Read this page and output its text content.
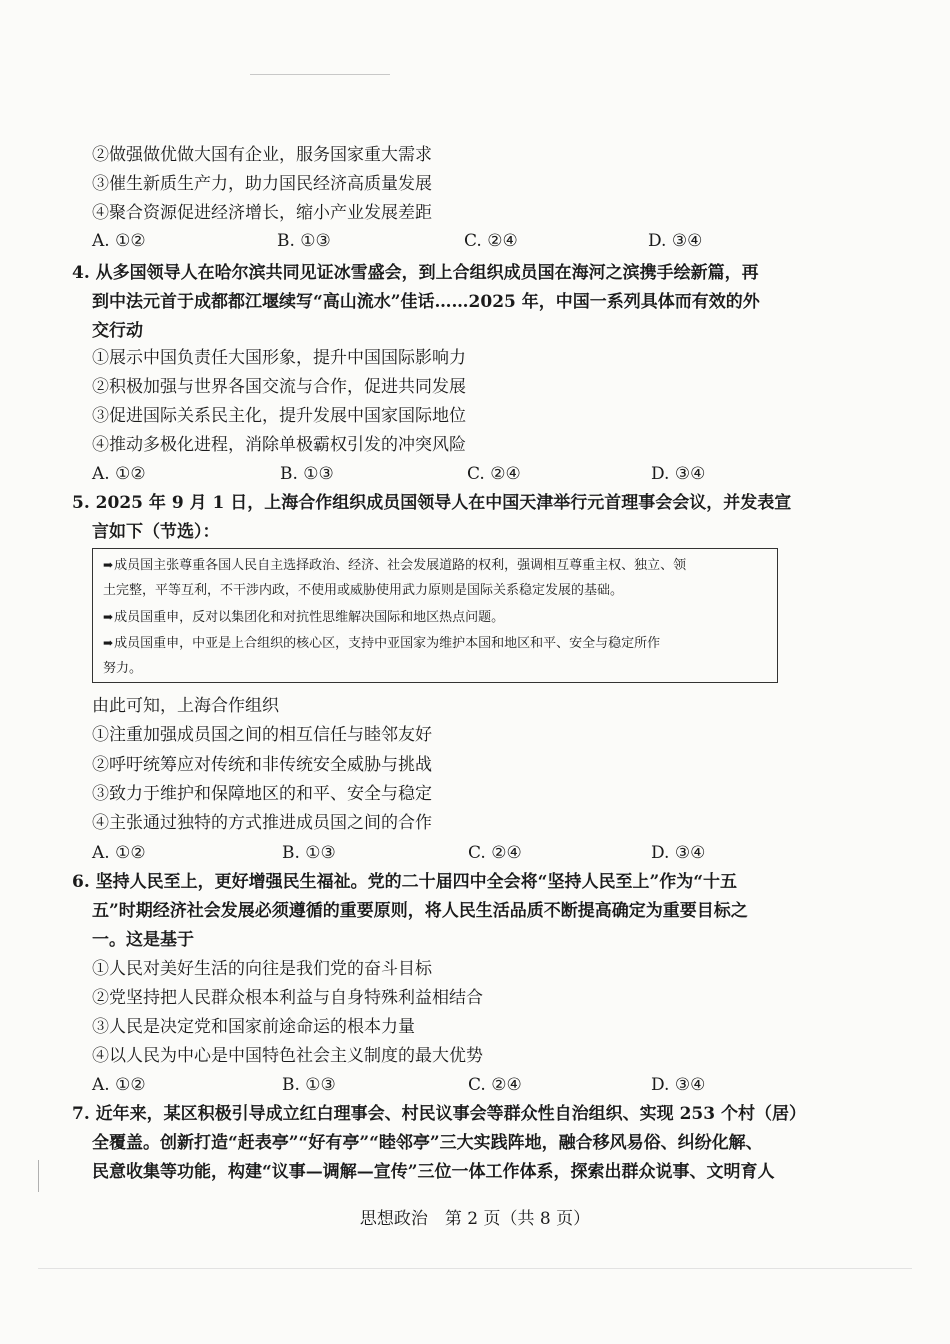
②做强做优做大国有企业，服务国家重大需求
③催生新质生产力，助力国民经济高质量发展
④聚合资源促进经济增长，缩小产业发展差距
A. ①②	B. ①③	C. ②④	D. ③④
4. 从多国领导人在哈尔滨共同见证冰雪盛会，到上合组织成员国在海河之滨携手绘新篇，再
到中法元首于成都都江堰续写“高山流水”佳话……2025 年，中国一系列具体而有效的外
交行动
①展示中国负责任大国形象，提升中国国际影响力
②积极加强与世界各国交流与合作，促进共同发展
③促进国际关系民主化，提升发展中国家国际地位
④推动多极化进程，消除单极霸权引发的冲突风险
A. ①②	B. ①③	C. ②④	D. ③④
5. 2025 年 9 月 1 日，上海合作组织成员国领导人在中国天津举行元首理事会会议，并发表宣
言如下（节选）：
➡成员国主张尊重各国人民自主选择政治、经济、社会发展道路的权利，强调相互尊重主权、独立、领
土完整，平等互利，不干涉内政，不使用或威胁使用武力原则是国际关系稳定发展的基础。
➡成员国重申，反对以集团化和对抗性思维解决国际和地区热点问题。
➡成员国重申，中亚是上合组织的核心区，支持中亚国家为维护本国和地区和平、安全与稳定所作
努力。
由此可知，上海合作组织
①注重加强成员国之间的相互信任与睦邻友好
②呼吁统筹应对传统和非传统安全威胁与挑战
③致力于维护和保障地区的和平、安全与稳定
④主张通过独特的方式推进成员国之间的合作
A. ①②	B. ①③	C. ②④	D. ③④
6. 坚持人民至上，更好增强民生福祉。党的二十届四中全会将“坚持人民至上”作为“十五
五”时期经济社会发展必须遵循的重要原则，将人民生活品质不断提高确定为重要目标之
一。这是基于
①人民对美好生活的向往是我们党的奋斗目标
②党坚持把人民群众根本利益与自身特殊利益相结合
③人民是决定党和国家前途命运的根本力量
④以人民为中心是中国特色社会主义制度的最大优势
A. ①②	B. ①③	C. ②④	D. ③④
7. 近年来，某区积极引导成立红白理事会、村民议事会等群众性自治组织、实现 253 个村（居）
全覆盖。创新打造“赶表亭”“好有亭”“睦邻亭”三大实践阵地，融合移风易俗、纠纷化解、
民意收集等功能，构建“议事—调解—宣传”三位一体工作体系，探索出群众说事、文明育人
思想政治　第 2 页（共 8 页）
